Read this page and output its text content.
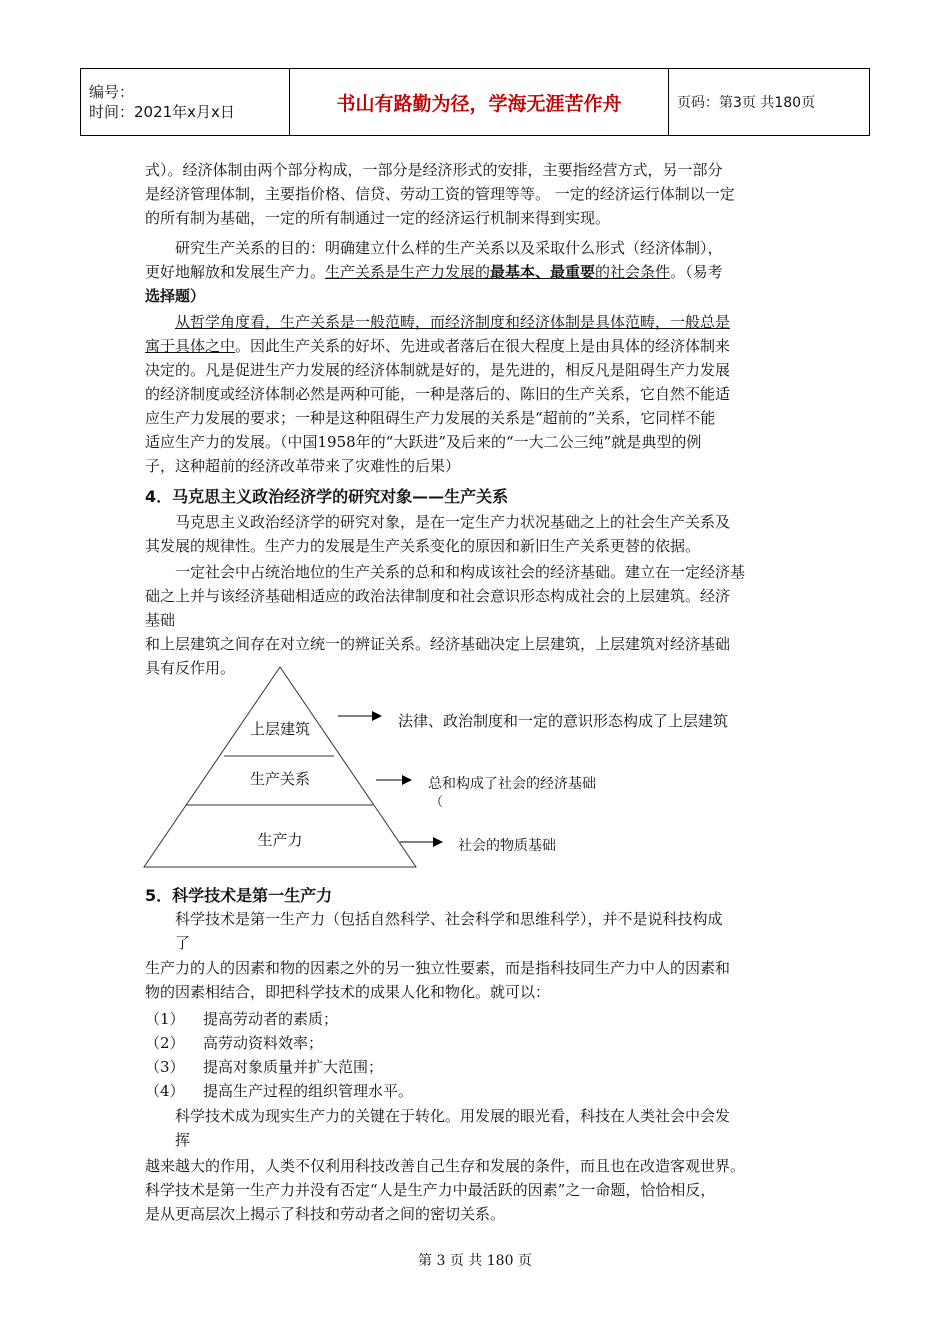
编号：
时间：2021年x月x日	书山有路勤为径，学海无涯苦作舟	页码：第3页 共180页

式）。经济体制由两个部分构成，一部分是经济形式的安排，主要指经营方式，另一部分

是经济管理体制，主要指价格、信贷、劳动工资的管理等等。 一定的经济运行体制以一定

的所有制为基础，一定的所有制通过一定的经济运行机制来得到实现。

研究生产关系的目的：明确建立什么样的生产关系以及采取什么形式（经济体制），

更好地解放和发展生产力。生产关系是生产力发展的最基本、最重要的社会条件。（易考

选择题）

从哲学角度看，生产关系是一般范畴，而经济制度和经济体制是具体范畴，一般总是

寓于具体之中。因此生产关系的好坏、先进或者落后在很大程度上是由具体的经济体制来

决定的。凡是促进生产力发展的经济体制就是好的，是先进的，相反凡是阻碍生产力发展

的经济制度或经济体制必然是两种可能，一种是落后的、陈旧的生产关系，它自然不能适

应生产力发展的要求；一种是这种阻碍生产力发展的关系是“超前的”关系，它同样不能

适应生产力的发展。（中国1958年的“大跃进”及后来的“一大二公三纯”就是典型的例

子，这种超前的经济改革带来了灾难性的后果）

4．马克思主义政治经济学的研究对象——生产关系

马克思主义政治经济学的研究对象，是在一定生产力状况基础之上的社会生产关系及

其发展的规律性。生产力的发展是生产关系变化的原因和新旧生产关系更替的依据。

一定社会中占统治地位的生产关系的总和和构成该社会的经济基础。建立在一定经济基

础之上并与该经济基础相适应的政治法律制度和社会意识形态构成社会的上层建筑。经济

基础

和上层建筑之间存在对立统一的辨证关系。经济基础决定上层建筑，上层建筑对经济基础

具有反作用。

上层建筑
生产关系
生产力
法律、政治制度和一定的意识形态构成了上层建筑
总和构成了社会的经济基础
（
社会的物质基础
5．科学技术是第一生产力

科学技术是第一生产力（包括自然科学、社会科学和思维科学），并不是说科技构成

了

生产力的人的因素和物的因素之外的另一独立性要素，而是指科技同生产力中人的因素和

物的因素相结合，即把科学技术的成果人化和物化。就可以：

（1） 提高劳动者的素质；
（2） 高劳动资料效率；
（3） 提高对象质量并扩大范围；
（4） 提高生产过程的组织管理水平。

科学技术成为现实生产力的关键在于转化。用发展的眼光看，科技在人类社会中会发

挥

越来越大的作用，人类不仅利用科技改善自己生存和发展的条件，而且也在改造客观世界。

科学技术是第一生产力并没有否定“人是生产力中最活跃的因素”之一命题，恰恰相反，

是从更高层次上揭示了科技和劳动者之间的密切关系。

第 3 页 共 180 页
